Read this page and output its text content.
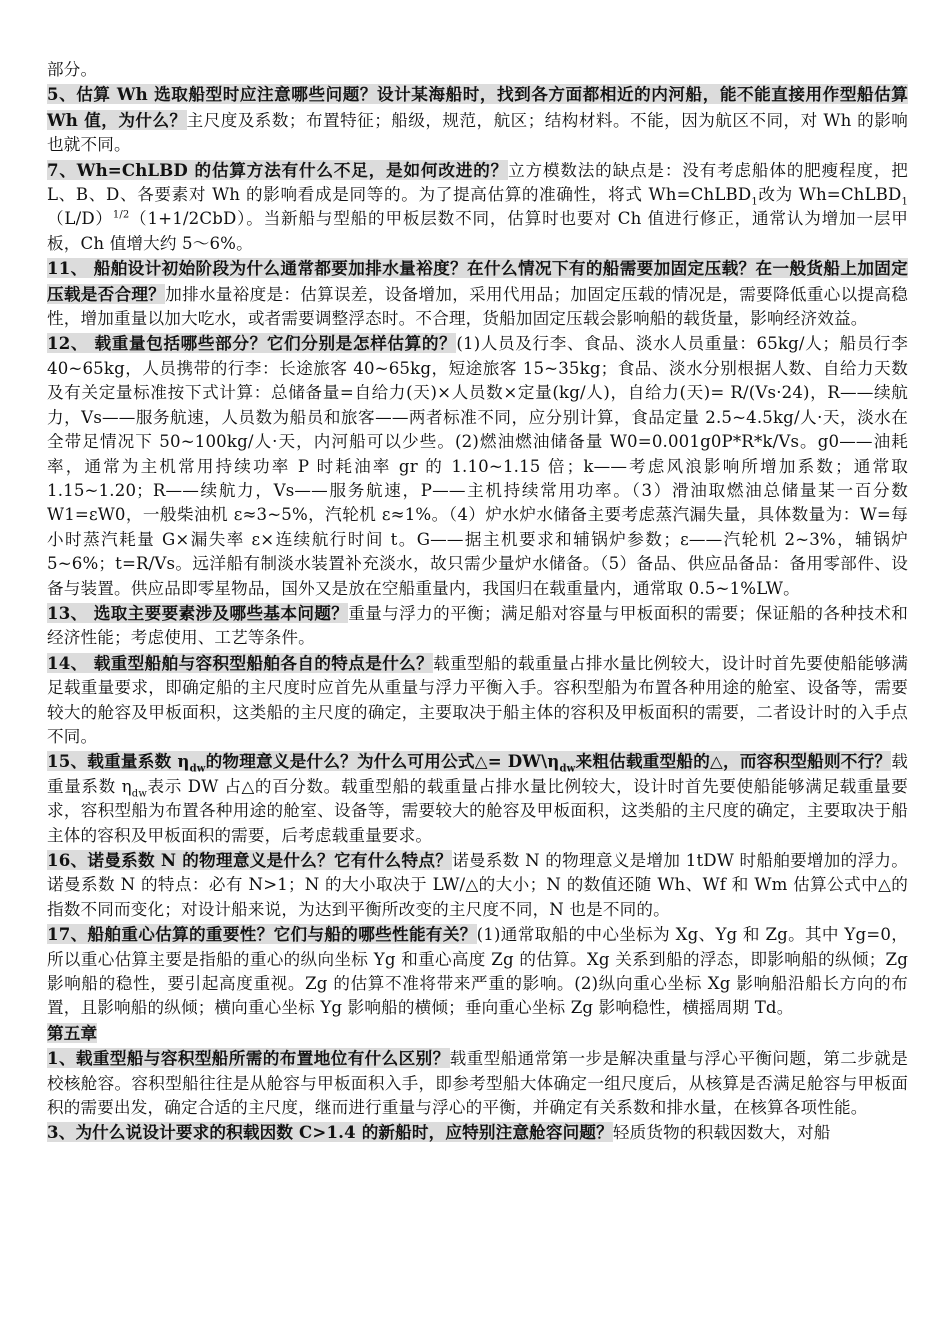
部分。

5、估算 Wh 选取船型时应注意哪些问题？设计某海船时，找到各方面都相近的内河船，能不能直接用作型船估算 Wh 值，为什么？主尺度及系数；布置特征；船级，规范，航区；结构材料。不能，因为航区不同，对 Wh 的影响也就不同。

7、Wh=ChLBD 的估算方法有什么不足，是如何改进的？立方模数法的缺点是：没有考虑船体的肥瘦程度，把 L、B、D、各要素对 Wh 的影响看成是同等的。为了提高估算的准确性，将式 Wh=ChLBD$_1$改为 $Wh=ChLBD_1(L/D)^{1/2}(1+1/2CbD)$。当新船与型船的甲板层数不同，估算时也要对 Ch 值进行修正，通常认为增加一层甲板，Ch 值增大约 5～6%。

11、 船舶设计初始阶段为什么通常都要加排水量裕度？在什么情况下有的船需要加固定压载？在一般货船上加固定压载是否合理？加排水量裕度是：估算误差，设备增加，采用代用品；加固定压载的情况是，需要降低重心以提高稳性，增加重量以加大吃水，或者需要调整浮态时。不合理，货船加固定压载会影响船的载货量，影响经济效益。

12、 载重量包括哪些部分？它们分别是怎样估算的？(1)人员及行李、食品、淡水人员重量：65kg/人；船员行李 40~65kg，人员携带的行李：长途旅客 40~65kg，短途旅客 15~35kg；食品、淡水分别根据人数、自给力天数及有关定量标准按下式计算：总储备量=自给力(天)×人员数×定量(kg/人)，自给力(天)= R/(Vs·24)，R——续航力，Vs——服务航速，人员数为船员和旅客——两者标准不同，应分别计算，食品定量 2.5~4.5kg/人·天，淡水在全带足情况下 50~100kg/人·天，内河船可以少些。(2)燃油燃油储备量 W0=0.001g0P*R*k/Vs。g0——油耗率，通常为主机常用持续功率 P 时耗油率 gr 的 1.10~1.15 倍；k——考虑风浪影响所增加系数；通常取 1.15~1.20；R——续航力，Vs——服务航速，P——主机持续常用功率。（3）滑油取燃油总储量某一百分数 W1=εW0，一般柴油机 ε≈3~5%，汽轮机 ε≈1%。（4）炉水炉水储备主要考虑蒸汽漏失量，具体数量为：W=每小时蒸汽耗量 G×漏失率 ε×连续航行时间 t。G——据主机要求和辅锅炉参数；ε——汽轮机 2~3%，辅锅炉 5~6%；t=R/Vs。远洋船有制淡水装置补充淡水，故只需少量炉水储备。（5）备品、供应品备品：备用零部件、设备与装置。供应品即零星物品，国外又是放在空船重量内，我国归在载重量内，通常取 0.5~1%LW。

13、 选取主要要素涉及哪些基本问题？重量与浮力的平衡；满足船对容量与甲板面积的需要；保证船的各种技术和经济性能；考虑使用、工艺等条件。

14、 载重型船舶与容积型船舶各自的特点是什么？载重型船的载重量占排水量比例较大，设计时首先要使船能够满足载重量要求，即确定船的主尺度时应首先从重量与浮力平衡入手。容积型船为布置各种用途的舱室、设备等，需要较大的舱容及甲板面积，这类船的主尺度的确定，主要取决于船主体的容积及甲板面积的需要，二者设计时的入手点不同。

15、载重量系数 $\eta_{dw}$的物理意义是什么？为什么可用公式△= $DW\backslash\eta_{dw}$来粗估载重型船的△，而容积型船则不行？载重量系数 $\eta_{dw}$表示 DW 占△的百分数。载重型船的载重量占排水量比例较大，设计时首先要使船能够满足载重量要求，容积型船为布置各种用途的舱室、设备等，需要较大的舱容及甲板面积，这类船的主尺度的确定，主要取决于船主体的容积及甲板面积的需要，后考虑载重量要求。

16、诺曼系数 N 的物理意义是什么？它有什么特点？诺曼系数 N 的物理意义是增加 1tDW 时船舶要增加的浮力。诺曼系数 N 的特点：必有 N>1；N 的大小取决于 LW/△的大小；N 的数值还随 Wh、Wf 和 Wm 估算公式中△的指数不同而变化；对设计船来说，为达到平衡所改变的主尺度不同，N 也是不同的。

17、船舶重心估算的重要性？它们与船的哪些性能有关？(1)通常取船的中心坐标为 Xg、Yg 和 Zg。其中 Yg=0，所以重心估算主要是指船的重心的纵向坐标 Yg 和重心高度 Zg 的估算。Xg 关系到船的浮态，即影响船的纵倾；Zg 影响船的稳性，要引起高度重视。Zg 的估算不准将带来严重的影响。(2)纵向重心坐标 Xg 影响船沿船长方向的布置，且影响船的纵倾；横向重心坐标 Yg 影响船的横倾；垂向重心坐标 Zg 影响稳性，横摇周期 Td。

第五章

1、载重型船与容积型船所需的布置地位有什么区别？载重型船通常第一步是解决重量与浮心平衡问题，第二步就是校核舱容。容积型船往往是从舱容与甲板面积入手，即参考型船大体确定一组尺度后，从核算是否满足舱容与甲板面积的需要出发，确定合适的主尺度，继而进行重量与浮心的平衡，并确定有关系数和排水量，在核算各项性能。

3、为什么说设计要求的积载因数 C>1.4 的新船时，应特别注意舱容问题？轻质货物的积载因数大，对船
